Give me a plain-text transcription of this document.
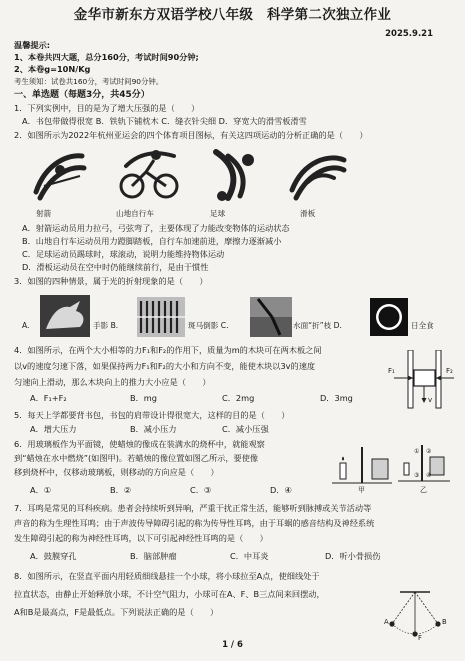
金华市新东方双语学校八年级　科学第二次独立作业
2025.9.21
温馨提示:
1、本卷共四大题，总分160分，考试时间90分钟;
2、本卷g=10N/Kg
考生须知：试卷共160分，考试时间90分钟。
一、单选题（每题3分，共45分）
1．下列实例中，目的是为了增大压强的是（　　）
A．书包带做得很宽 B．铁轨下铺枕木 C．缝衣针尖细 D．穿宽大的滑雪板滑雪
2．如图所示为2022年杭州亚运会的四个体育项目图标，有关这四项运动的分析正确的是（　　）
射箭	山地自行车	足球	滑板
A．射箭运动员用力拉弓，弓弦弯了，主要体现了力能改变物体的运动状态
B．山地自行车运动员用力蹬脚踏板，自行车加速前进，摩擦力逐渐减小
C．足球运动员踢球时，球滚动，说明力能维持物体运动
D．滑板运动员在空中时仍能继续前行，是由于惯性
3．如图的四种情景，属于光的折射现象的是（　　）
A.	手影 B.	斑马倒影 C.	水面“折”枝 D.	日全食
4．如图所示，在两个大小相等的力F₁和F₂的作用下，质量为m的木块可在两木板之间
以v的速度匀速下落，如果保持两力F₁和F₂的大小和方向不变，能使木块以3v的速度
匀速向上滑动，那么木块向上的推力大小应是（　　）
A．F₁+F₂	B．mg	C．2mg	D．3mg
F₁	F₂
v
5．每天上学都要背书包，书包的肩带设计得很宽大，这样的目的是（　　）
A．增大压力	B．减小压力	C．减小压强
6．用玻璃板作为平面镜，使蜡烛的像成在装满水的烧杯中，就能观察
到“蜡烛在水中燃烧”(如图甲)。若蜡烛的像位置如图乙所示，要使像
移到烧杯中，仅移动玻璃板，则移动的方向应是（　　）
A．①	B．②	C．③	D．④
① ②
③ ④
甲	乙
7．耳鸣是常见的耳科疾病。患者会持续听到异响，严重干扰正常生活，能够听到脉搏或关节活动等
声音的称为生理性耳鸣；由于声波传导障碍引起的称为传导性耳鸣，由于耳蜗的感音结构及神经系统
发生障碍引起的称为神经性耳鸣，以下可引起神经性耳鸣的是（　　）
A．鼓膜穿孔	B．脑部肿瘤	C．中耳炎	D．听小骨损伤
8．如图所示，在竖直平面内用轻质细线悬挂一个小球，将小球拉至A点，使细线处于
拉直状态，由静止开始释放小球，不计空气阻力，小球可在A、F、B三点间来回摆动，
A和B是最高点，F是最低点。下列说法正确的是（　　）
A	B
F
1 / 6
